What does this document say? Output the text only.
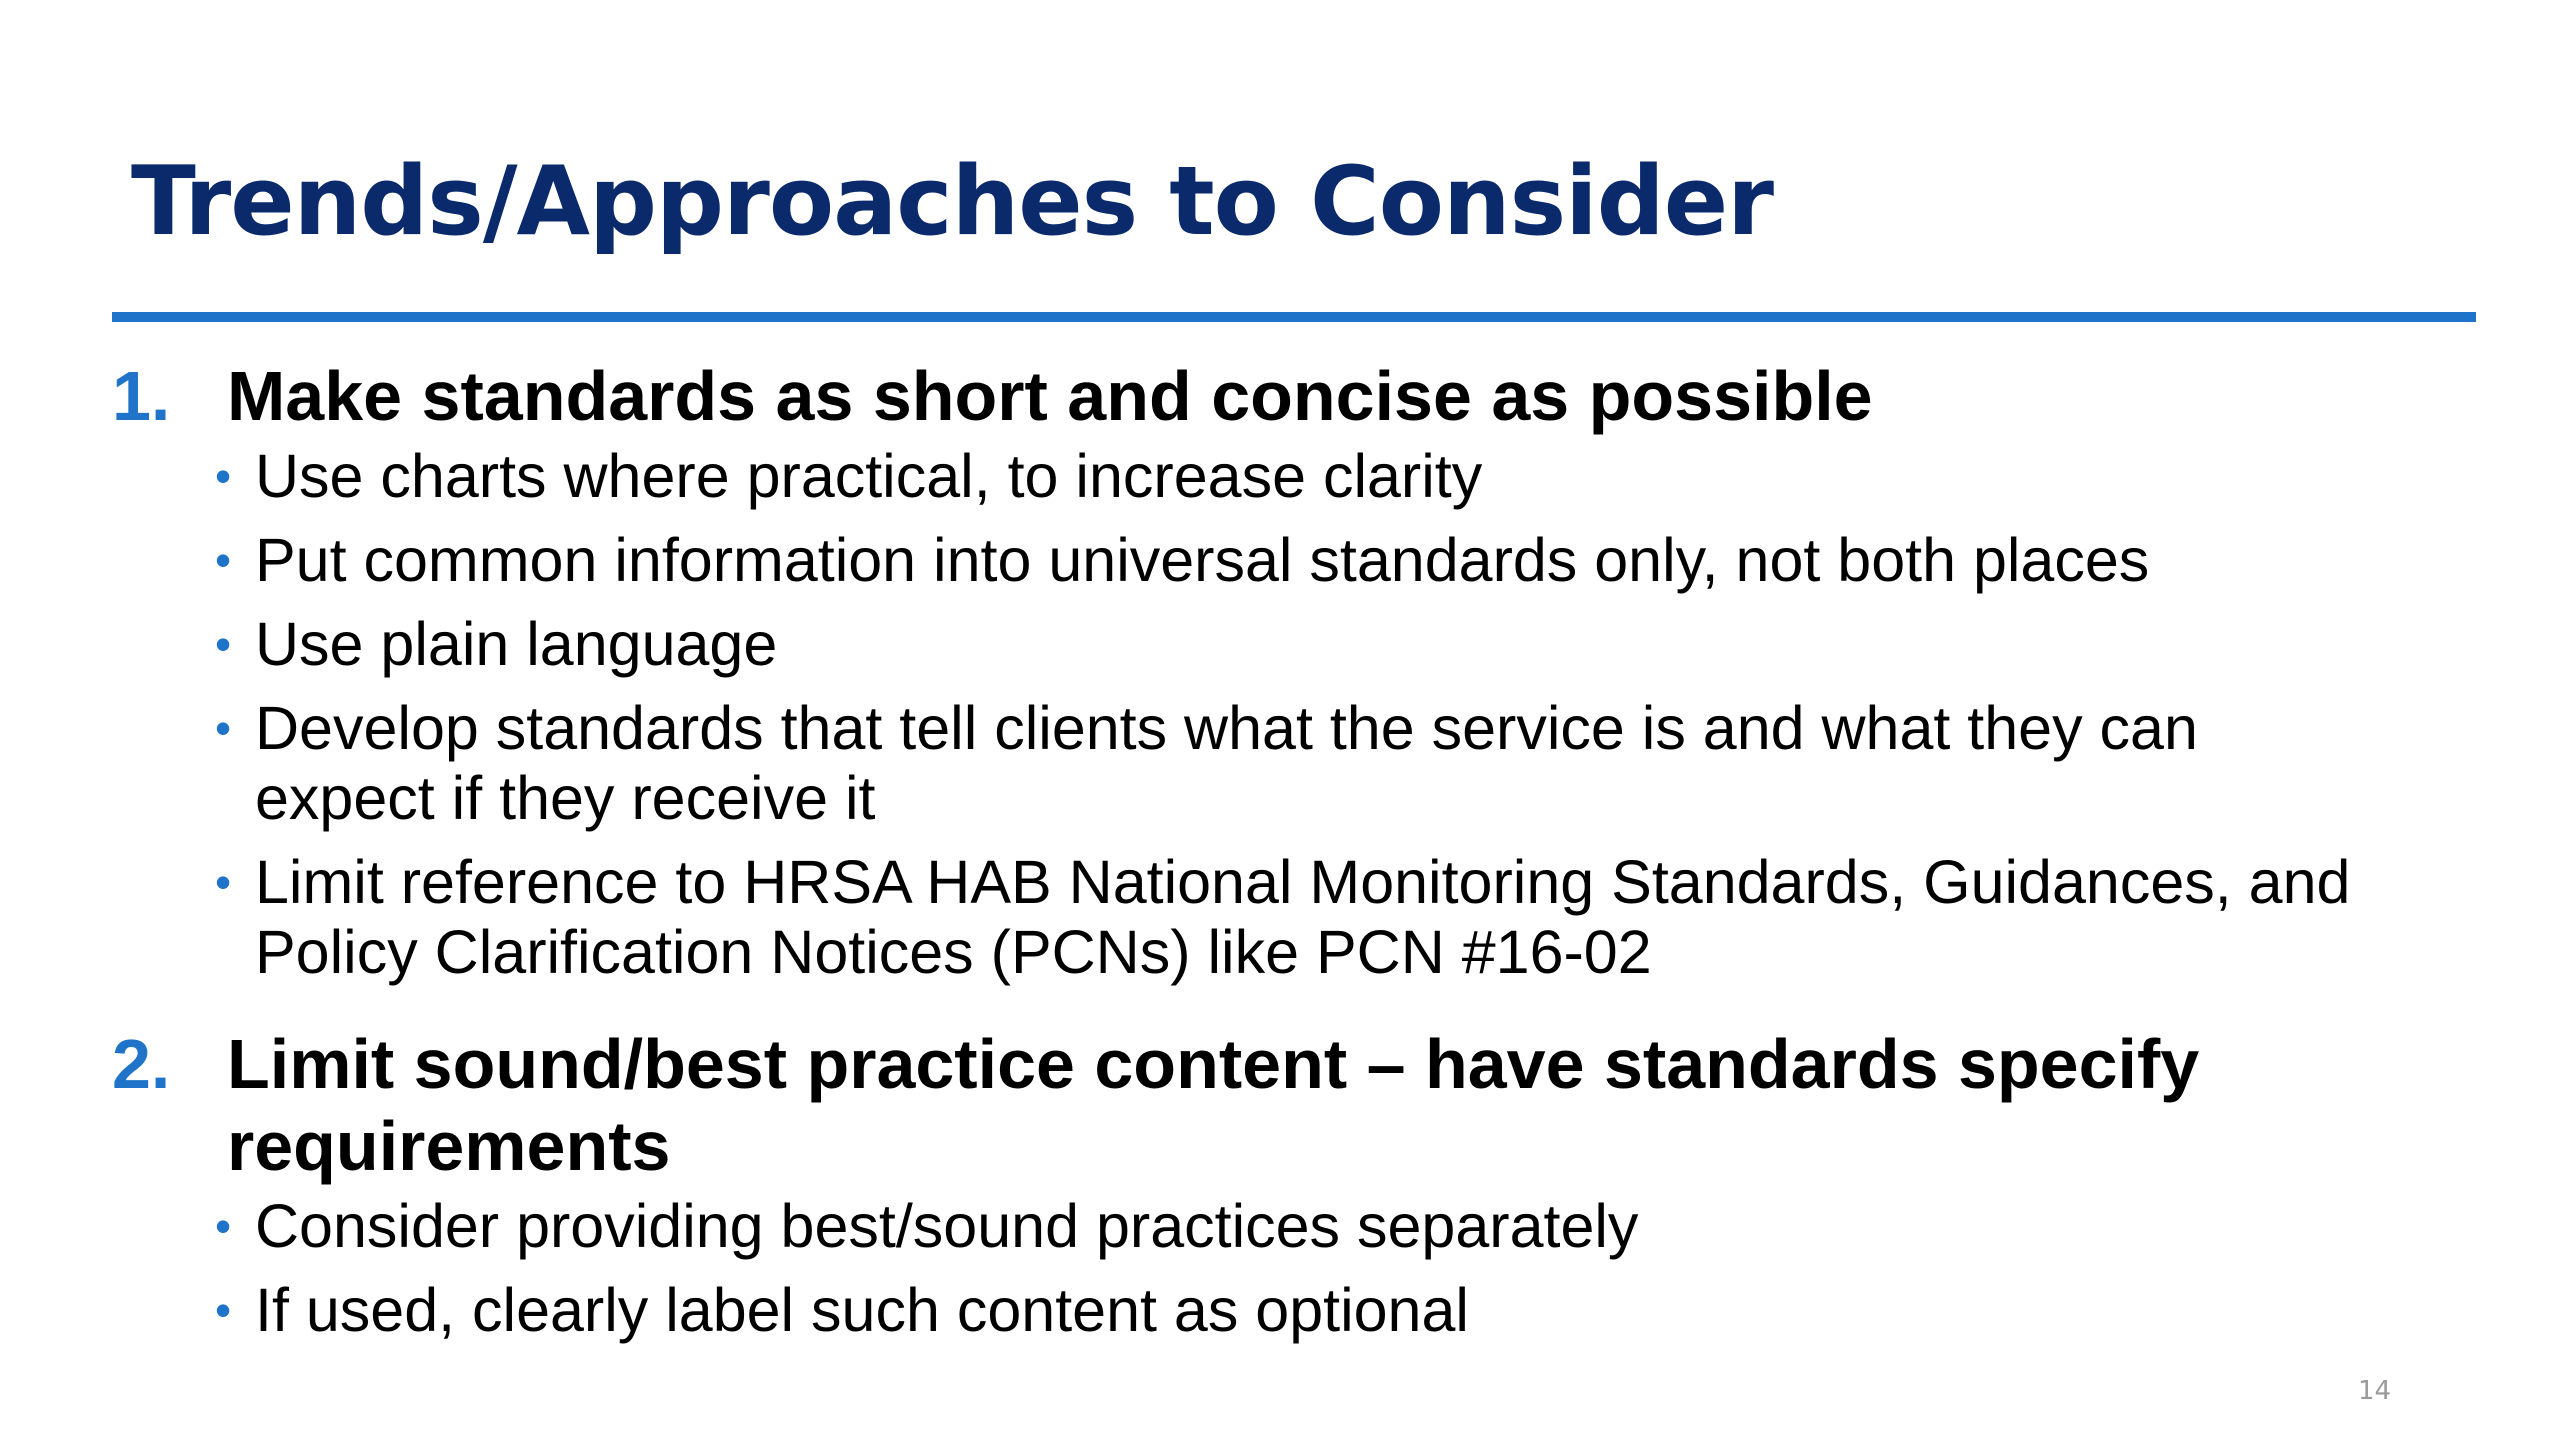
Trends/Approaches to Consider
1. Make standards as short and concise as possible
• Use charts where practical, to increase clarity
• Put common information into universal standards only, not both places
• Use plain language
• Develop standards that tell clients what the service is and what they can expect if they receive it
• Limit reference to HRSA HAB National Monitoring Standards, Guidances, and Policy Clarification Notices (PCNs) like PCN #16-02
2. Limit sound/best practice content – have standards specify requirements
• Consider providing best/sound practices separately
• If used, clearly label such content as optional
14
